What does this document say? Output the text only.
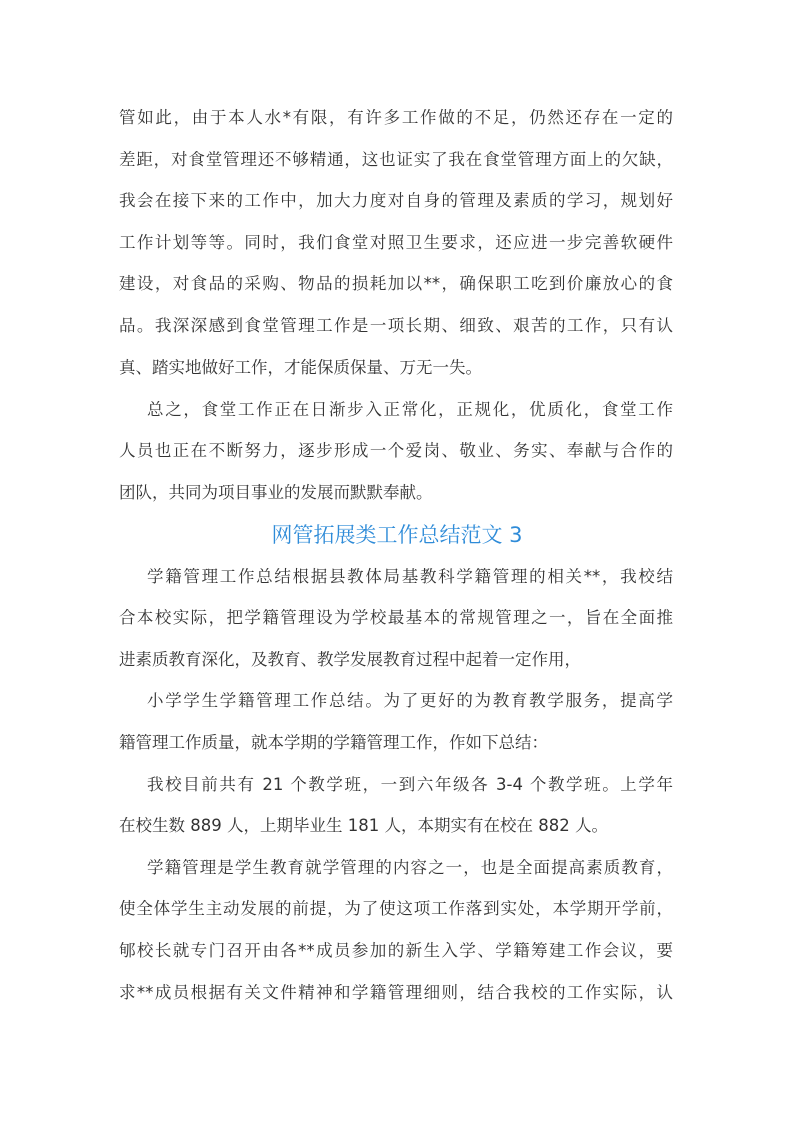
管如此，由于本人水*有限，有许多工作做的不足，仍然还存在一定的
差距，对食堂管理还不够精通，这也证实了我在食堂管理方面上的欠缺，
我会在接下来的工作中，加大力度对自身的管理及素质的学习，规划好
工作计划等等。同时，我们食堂对照卫生要求，还应进一步完善软硬件
建设，对食品的采购、物品的损耗加以**，确保职工吃到价廉放心的食
品。我深深感到食堂管理工作是一项长期、细致、艰苦的工作，只有认
真、踏实地做好工作，才能保质保量、万无一失。
总之，食堂工作正在日渐步入正常化，正规化，优质化，食堂工作
人员也正在不断努力，逐步形成一个爱岗、敬业、务实、奉献与合作的
团队，共同为项目事业的发展而默默奉献。
网管拓展类工作总结范文 3
学籍管理工作总结根据县教体局基教科学籍管理的相关**，我校结
合本校实际，把学籍管理设为学校最基本的常规管理之一，旨在全面推
进素质教育深化，及教育、教学发展教育过程中起着一定作用，
小学学生学籍管理工作总结。为了更好的为教育教学服务，提高学
籍管理工作质量，就本学期的学籍管理工作，作如下总结：
我校目前共有 21 个教学班，一到六年级各 3-4 个教学班。上学年
在校生数 889 人，上期毕业生 181 人，本期实有在校在 882 人。
学籍管理是学生教育就学管理的内容之一，也是全面提高素质教育，
使全体学生主动发展的前提，为了使这项工作落到实处，本学期开学前，
郇校长就专门召开由各**成员参加的新生入学、学籍筹建工作会议，要
求**成员根据有关文件精神和学籍管理细则，结合我校的工作实际，认
